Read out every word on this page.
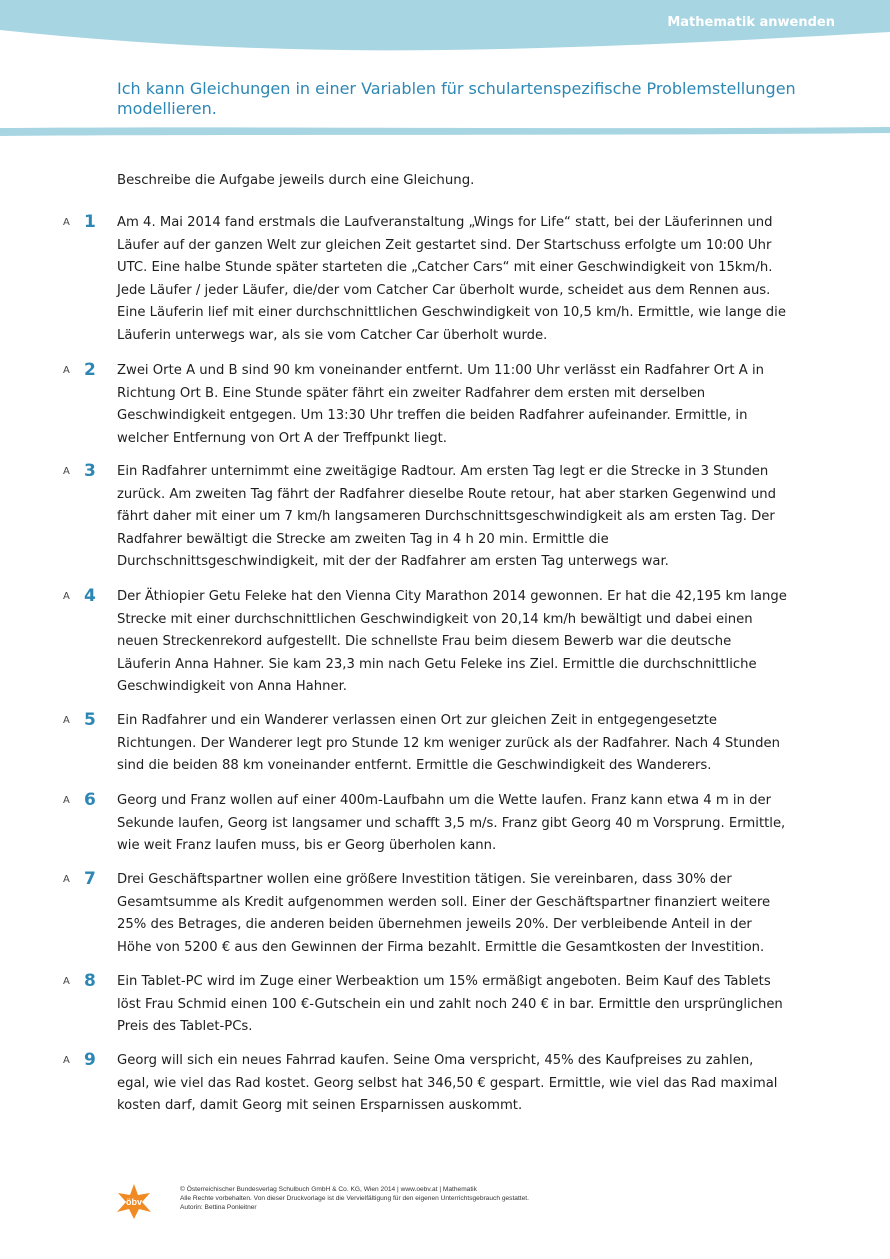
Mathematik anwenden
Ich kann Gleichungen in einer Variablen für schulartenspezifische Problemstellungen modellieren.
Beschreibe die Aufgabe jeweils durch eine Gleichung.
A 1 Am 4. Mai 2014 fand erstmals die Laufveranstaltung „Wings for Life“ statt, bei der Läuferinnen und Läufer auf der ganzen Welt zur gleichen Zeit gestartet sind. Der Startschuss erfolgte um 10:00 Uhr UTC. Eine halbe Stunde später starteten die „Catcher Cars“ mit einer Geschwindigkeit von 15km/h. Jede Läufer / jeder Läufer, die/der vom Catcher Car überholt wurde, scheidet aus dem Rennen aus. Eine Läuferin lief mit einer durchschnittlichen Geschwindigkeit von 10,5 km/h. Ermittle, wie lange die Läuferin unterwegs war, als sie vom Catcher Car überholt wurde.
A 2 Zwei Orte A und B sind 90 km voneinander entfernt. Um 11:00 Uhr verlässt ein Radfahrer Ort A in Richtung Ort B. Eine Stunde später fährt ein zweiter Radfahrer dem ersten mit derselben Geschwindigkeit entgegen. Um 13:30 Uhr treffen die beiden Radfahrer aufeinander. Ermittle, in welcher Entfernung von Ort A der Treffpunkt liegt.
A 3 Ein Radfahrer unternimmt eine zweitägige Radtour. Am ersten Tag legt er die Strecke in 3 Stunden zurück. Am zweiten Tag fährt der Radfahrer dieselbe Route retour, hat aber starken Gegenwind und fährt daher mit einer um 7 km/h langsameren Durchschnittsgeschwindigkeit als am ersten Tag. Der Radfahrer bewältigt die Strecke am zweiten Tag in 4 h 20 min. Ermittle die Durchschnittsgeschwindigkeit, mit der der Radfahrer am ersten Tag unterwegs war.
A 4 Der Äthiopier Getu Feleke hat den Vienna City Marathon 2014 gewonnen. Er hat die 42,195 km lange Strecke mit einer durchschnittlichen Geschwindigkeit von 20,14 km/h bewältigt und dabei einen neuen Streckenrekord aufgestellt. Die schnellste Frau beim diesem Bewerb war die deutsche Läuferin Anna Hahner. Sie kam 23,3 min nach Getu Feleke ins Ziel. Ermittle die durchschnittliche Geschwindigkeit von Anna Hahner.
A 5 Ein Radfahrer und ein Wanderer verlassen einen Ort zur gleichen Zeit in entgegengesetzte Richtungen. Der Wanderer legt pro Stunde 12 km weniger zurück als der Radfahrer. Nach 4 Stunden sind die beiden 88 km voneinander entfernt. Ermittle die Geschwindigkeit des Wanderers.
A 6 Georg und Franz wollen auf einer 400m-Laufbahn um die Wette laufen. Franz kann etwa 4 m in der Sekunde laufen, Georg ist langsamer und schafft 3,5 m/s. Franz gibt Georg 40 m Vorsprung. Ermittle, wie weit Franz laufen muss, bis er Georg überholen kann.
A 7 Drei Geschäftspartner wollen eine größere Investition tätigen. Sie vereinbaren, dass 30% der Gesamtsumme als Kredit aufgenommen werden soll. Einer der Geschäftspartner finanziert weitere 25% des Betrages, die anderen beiden übernehmen jeweils 20%. Der verbleibende Anteil in der Höhe von 5200 € aus den Gewinnen der Firma bezahlt. Ermittle die Gesamtkosten der Investition.
A 8 Ein Tablet-PC wird im Zuge einer Werbeaktion um 15% ermäßigt angeboten. Beim Kauf des Tablets löst Frau Schmid einen 100 €-Gutschein ein und zahlt noch 240 € in bar. Ermittle den ursprünglichen Preis des Tablet-PCs.
A 9 Georg will sich ein neues Fahrrad kaufen. Seine Oma verspricht, 45% des Kaufpreises zu zahlen, egal, wie viel das Rad kostet. Georg selbst hat 346,50 € gespart. Ermittle, wie viel das Rad maximal kosten darf, damit Georg mit seinen Ersparnissen auskommt.
öbv
© Österreichischer Bundesverlag Schulbuch GmbH & Co. KG, Wien 2014 | www.oebv.at | Mathematik
Alle Rechte vorbehalten. Von dieser Druckvorlage ist die Vervielfältigung für den eigenen Unterrichtsgebrauch gestattet.
Autorin: Bettina Ponleitner
